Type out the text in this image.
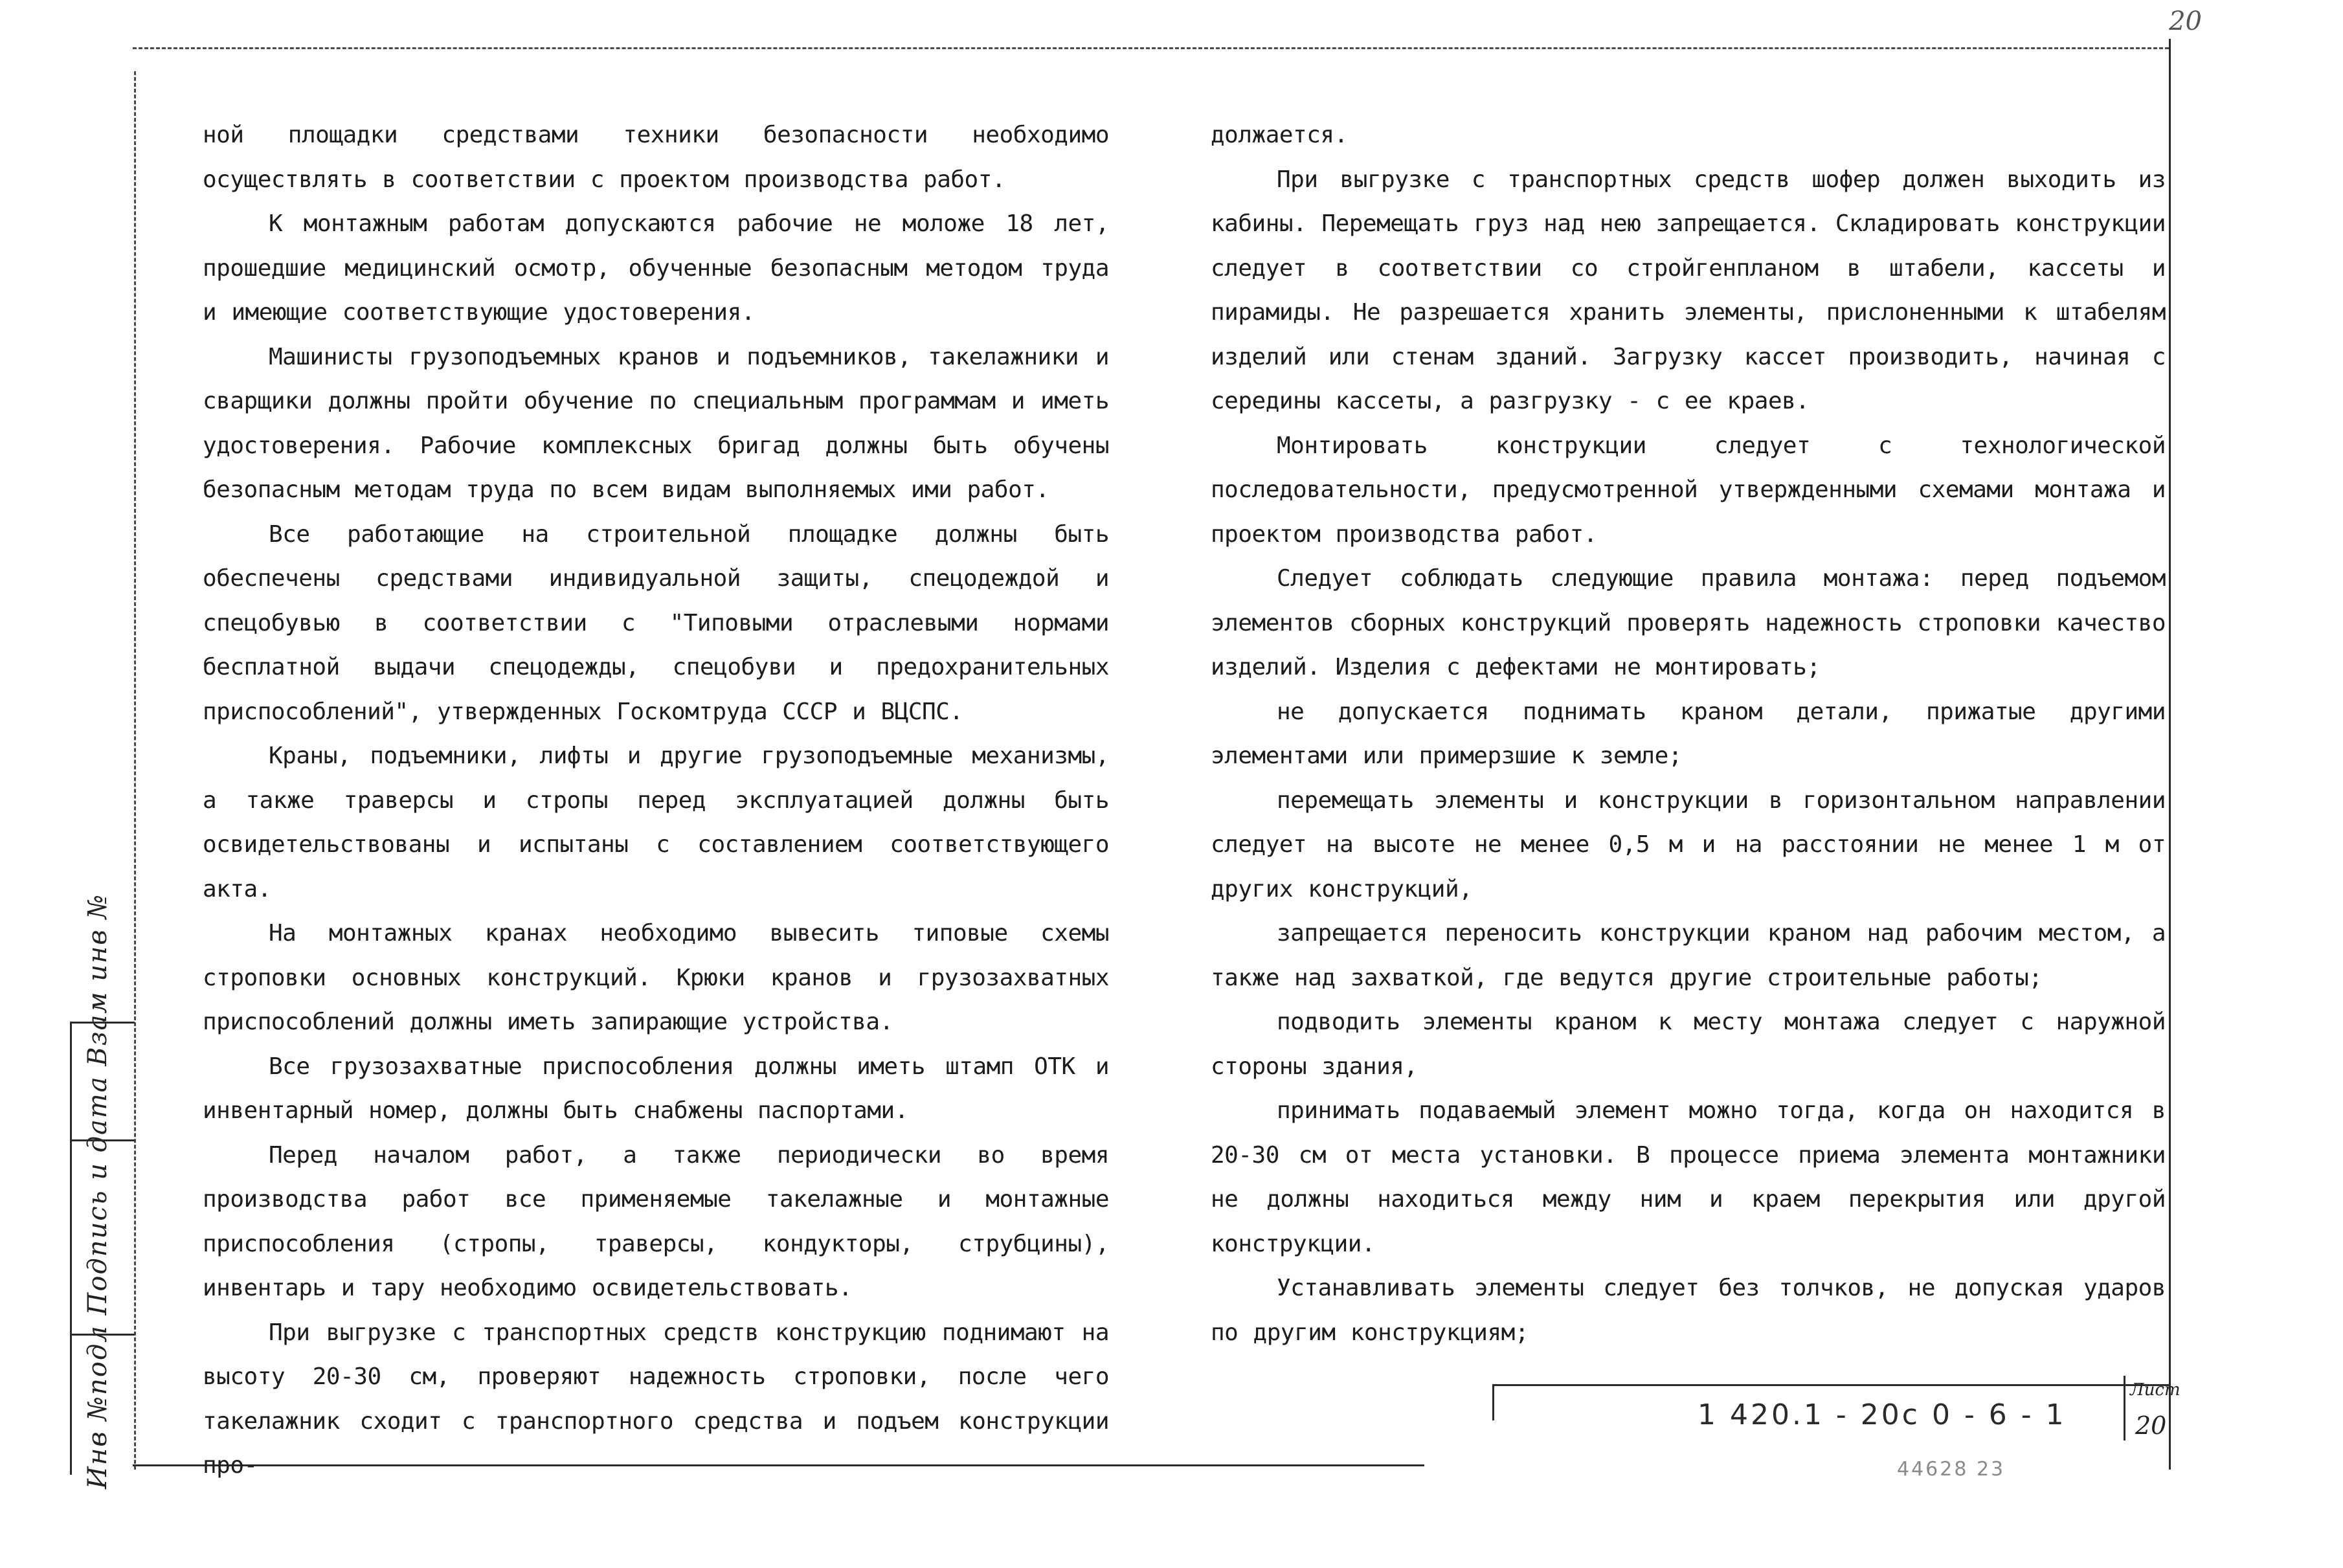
20
Инв №подл Подпись и дата Взам инв №

ной площадки средствами техники безопасности необходимо осуществлять в соответствии с проектом производства работ.

К монтажным работам допускаются рабочие не моложе 18 лет, прошедшие медицинский осмотр, обученные безопасным методом труда и имеющие соответствующие удостоверения.

Машинисты грузоподъемных кранов и подъемников, такелажники и сварщики должны пройти обучение по специальным программам и иметь удостоверения. Рабочие комплексных бригад должны быть обучены безопасным методам труда по всем видам выполняемых ими работ.

Все работающие на строительной площадке должны быть обеспечены средствами индивидуальной защиты, спецодеждой и спецобувью в соответствии с "Типовыми отраслевыми нормами бесплатной выдачи спецодежды, спецобуви и предохранительных приспособлений", утвержденных Госкомтруда СССР и ВЦСПС.

Краны, подъемники, лифты и другие грузоподъемные механизмы, а также траверсы и стропы перед эксплуатацией должны быть освидетельствованы и испытаны с составлением соответствующего акта.

На монтажных кранах необходимо вывесить типовые схемы строповки основных конструкций. Крюки кранов и грузозахватных приспособлений должны иметь запирающие устройства.

Все грузозахватные приспособления должны иметь штамп ОТК и инвентарный номер, должны быть снабжены паспортами.

Перед началом работ, а также периодически во время производства работ все применяемые такелажные и монтажные приспособления (стропы, траверсы, кондукторы, струбцины), инвентарь и тару необходимо освидетельствовать.

При выгрузке с транспортных средств конструкцию поднимают на высоту 20-30 см, проверяют надежность строповки, после чего такелажник сходит с транспортного средства и подъем конструкции про-

должается.

При выгрузке с транспортных средств шофер должен выходить из кабины. Перемещать груз над нею запрещается. Складировать конструкции следует в соответствии со стройгенпланом в штабели, кассеты и пирамиды. Не разрешается хранить элементы, прислоненными к штабелям изделий или стенам зданий. Загрузку кассет производить, начиная с середины кассеты, а разгрузку - с ее краев.

Монтировать конструкции следует с технологической последовательности, предусмотренной утвержденными схемами монтажа и проектом производства работ.

Следует соблюдать следующие правила монтажа: перед подъемом элементов сборных конструкций проверять надежность строповки качество изделий. Изделия с дефектами не монтировать;

не допускается поднимать краном детали, прижатые другими элементами или примерзшие к земле;

перемещать элементы и конструкции в горизонтальном направлении следует на высоте не менее 0,5 м и на расстоянии не менее 1 м от других конструкций,

запрещается переносить конструкции краном над рабочим местом, а также над захваткой, где ведутся другие строительные работы;

подводить элементы краном к месту монтажа следует с наружной стороны здания,

принимать подаваемый элемент можно тогда, когда он находится в 20-30 см от места установки. В процессе приема элемента монтажники не должны находиться между ним и краем перекрытия или другой конструкции.

Устанавливать элементы следует без толчков, не допуская ударов по другим конструкциям;

1 420.1 - 20с 0 - 6 - 1
Лист
20
44628 23
